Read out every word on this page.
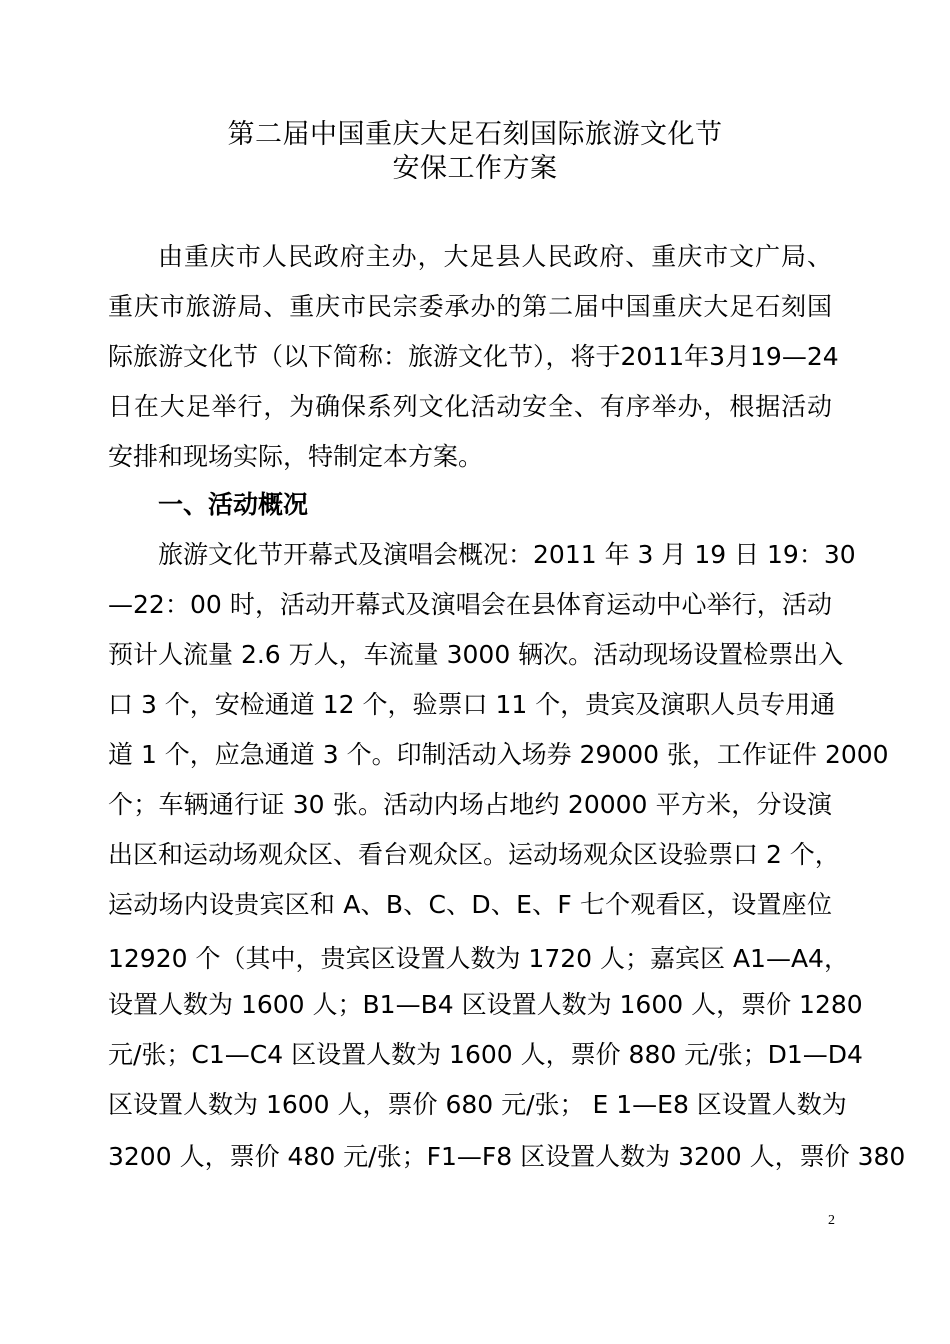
第二届中国重庆大足石刻国际旅游文化节
安保工作方案
由重庆市人民政府主办，大足县人民政府、重庆市文广局、
重庆市旅游局、重庆市民宗委承办的第二届中国重庆大足石刻国
际旅游文化节（以下简称：旅游文化节），将于2011年3月19—24
日在大足举行，为确保系列文化活动安全、有序举办，根据活动
安排和现场实际，特制定本方案。
一、活动概况
旅游文化节开幕式及演唱会概况：2011 年 3 月 19 日 19：30
—22：00 时，活动开幕式及演唱会在县体育运动中心举行，活动
预计人流量 2.6 万人，车流量 3000 辆次。活动现场设置检票出入
口 3 个，安检通道 12 个，验票口 11 个，贵宾及演职人员专用通
道 1 个，应急通道 3 个。印制活动入场券 29000 张，工作证件 2000
个；车辆通行证 30 张。活动内场占地约 20000 平方米，分设演
出区和运动场观众区、看台观众区。运动场观众区设验票口 2 个，
运动场内设贵宾区和 A、B、C、D、E、F 七个观看区，设置座位
12920 个（其中，贵宾区设置人数为 1720 人；嘉宾区 A1—A4，
设置人数为 1600 人；B1—B4 区设置人数为 1600 人，票价 1280
元/张；C1—C4 区设置人数为 1600 人，票价 880 元/张；D1—D4
区设置人数为 1600 人，票价 680 元/张； E 1—E8 区设置人数为
3200 人，票价 480 元/张；F1—F8 区设置人数为 3200 人，票价 380
2
